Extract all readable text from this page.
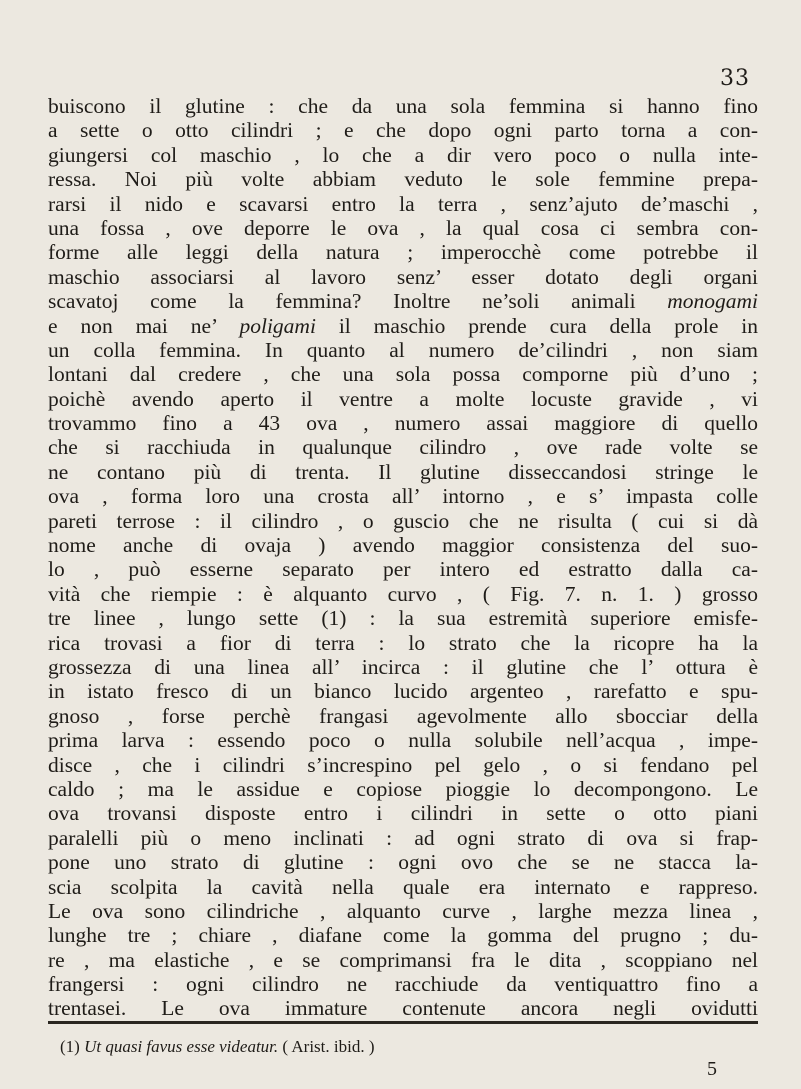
33
buiscono il glutine : che da una sola femmina si hanno fino
a sette o otto cilindri ; e che dopo ogni parto torna a con-
giungersi col maschio , lo che a dir vero poco o nulla inte-
ressa. Noi più volte abbiam veduto le sole femmine prepa-
rarsi il nido e scavarsi entro la terra , senz’ajuto de’maschi ,
una fossa , ove deporre le ova , la qual cosa ci sembra con-
forme alle leggi della natura ; imperocchè come potrebbe il
maschio associarsi al lavoro senz’ esser dotato degli organi
scavatoj come la femmina? Inoltre ne’soli animali monogami
e non mai ne’ poligami il maschio prende cura della prole in
un colla femmina. In quanto al numero de’cilindri , non siam
lontani dal credere , che una sola possa comporne più d’uno ;
poichè avendo aperto il ventre a molte locuste gravide , vi
trovammo fino a 43 ova , numero assai maggiore di quello
che si racchiuda in qualunque cilindro , ove rade volte se
ne contano più di trenta. Il glutine disseccandosi stringe le
ova , forma loro una crosta all’ intorno , e s’ impasta colle
pareti terrose : il cilindro , o guscio che ne risulta ( cui si dà
nome anche di ovaja ) avendo maggior consistenza del suo-
lo , può esserne separato per intero ed estratto dalla ca-
vità che riempie : è alquanto curvo , ( Fig. 7. n. 1. ) grosso
tre linee , lungo sette (1) : la sua estremità superiore emisfe-
rica trovasi a fior di terra : lo strato che la ricopre ha la
grossezza di una linea all’ incirca : il glutine che l’ ottura è
in istato fresco di un bianco lucido argenteo , rarefatto e spu-
gnoso , forse perchè frangasi agevolmente allo sbocciar della
prima larva : essendo poco o nulla solubile nell’acqua , impe-
disce , che i cilindri s’increspino pel gelo , o si fendano pel
caldo ; ma le assidue e copiose pioggie lo decompongono. Le
ova trovansi disposte entro i cilindri in sette o otto piani
paralelli più o meno inclinati : ad ogni strato di ova si frap-
pone uno strato di glutine : ogni ovo che se ne stacca la-
scia scolpita la cavità nella quale era internato e rappreso.
Le ova sono cilindriche , alquanto curve , larghe mezza linea ,
lunghe tre ; chiare , diafane come la gomma del prugno ; du-
re , ma elastiche , e se comprimansi fra le dita , scoppiano nel
frangersi : ogni cilindro ne racchiude da ventiquattro fino a
trentasei. Le ova immature contenute ancora negli ovidutti
(1) Ut quasi favus esse videatur. ( Arist. ibid. )
5
